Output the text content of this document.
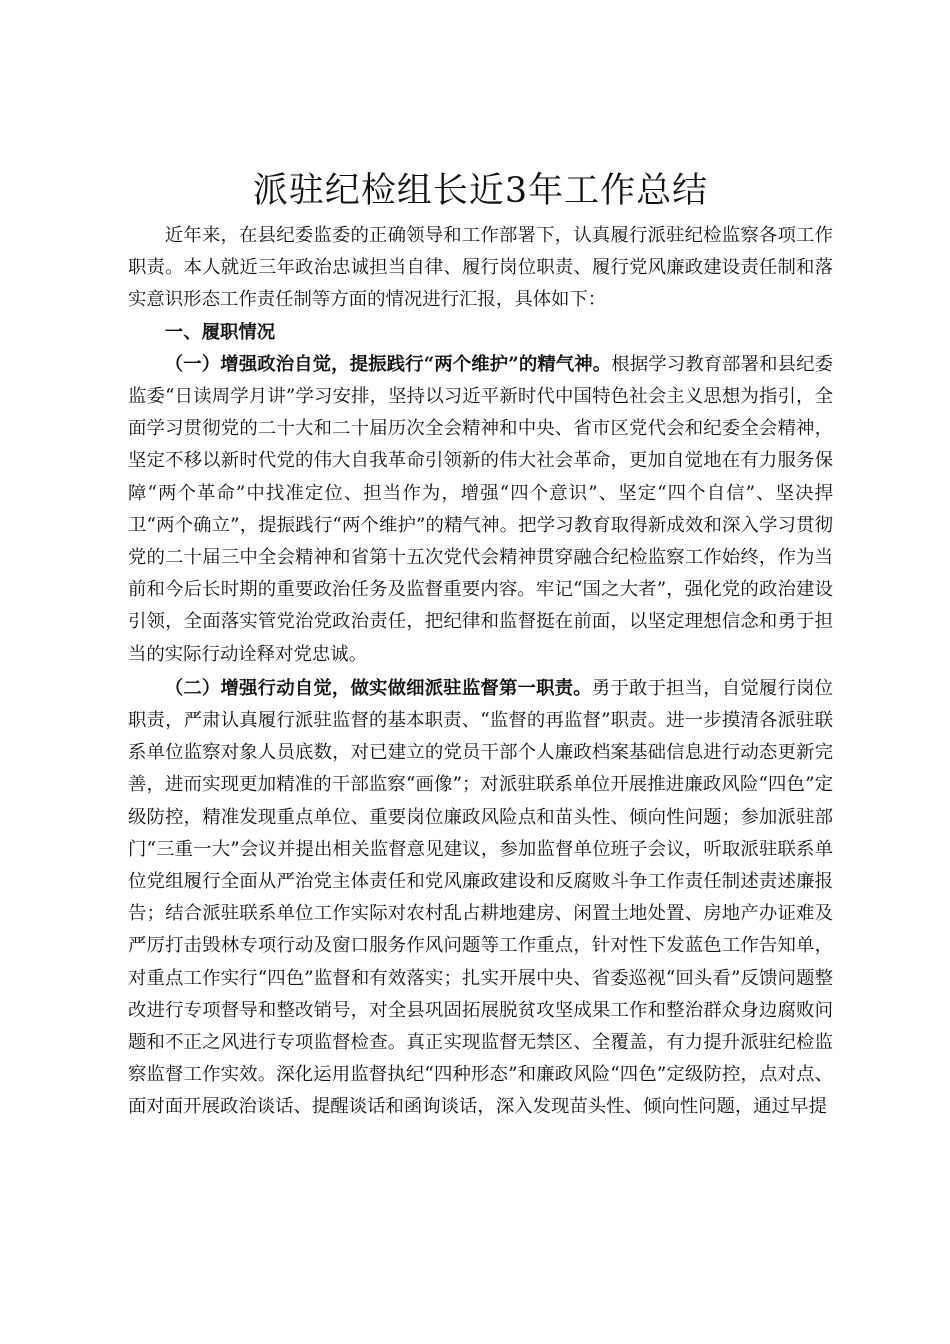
派驻纪检组长近3年工作总结

近年来，在县纪委监委的正确领导和工作部署下，认真履行派驻纪检监察各项工作职责。本人就近三年政治忠诚担当自律、履行岗位职责、履行党风廉政建设责任制和落实意识形态工作责任制等方面的情况进行汇报，具体如下：

一、履职情况

（一）增强政治自觉，提振践行“两个维护”的精气神。根据学习教育部署和县纪委监委“日读周学月讲”学习安排，坚持以习近平新时代中国特色社会主义思想为指引，全面学习贯彻党的二十大和二十届历次全会精神和中央、省市区党代会和纪委全会精神，坚定不移以新时代党的伟大自我革命引领新的伟大社会革命，更加自觉地在有力服务保障“两个革命”中找准定位、担当作为，增强“四个意识”、坚定“四个自信”、坚决捍卫“两个确立”，提振践行“两个维护”的精气神。把学习教育取得新成效和深入学习贯彻党的二十届三中全会精神和省第十五次党代会精神贯穿融合纪检监察工作始终，作为当前和今后长时期的重要政治任务及监督重要内容。牢记“国之大者”，强化党的政治建设引领，全面落实管党治党政治责任，把纪律和监督挺在前面，以坚定理想信念和勇于担当的实际行动诠释对党忠诚。

（二）增强行动自觉，做实做细派驻监督第一职责。勇于敢于担当，自觉履行岗位职责，严肃认真履行派驻监督的基本职责、“监督的再监督”职责。进一步摸清各派驻联系单位监察对象人员底数，对已建立的党员干部个人廉政档案基础信息进行动态更新完善，进而实现更加精准的干部监察“画像”；对派驻联系单位开展推进廉政风险“四色”定级防控，精准发现重点单位、重要岗位廉政风险点和苗头性、倾向性问题；参加派驻部门“三重一大”会议并提出相关监督意见建议，参加监督单位班子会议，听取派驻联系单位党组履行全面从严治党主体责任和党风廉政建设和反腐败斗争工作责任制述责述廉报告；结合派驻联系单位工作实际对农村乱占耕地建房、闲置土地处置、房地产办证难及严厉打击毁林专项行动及窗口服务作风问题等工作重点，针对性下发蓝色工作告知单，对重点工作实行“四色”监督和有效落实；扎实开展中央、省委巡视“回头看”反馈问题整改进行专项督导和整改销号，对全县巩固拓展脱贫攻坚成果工作和整治群众身边腐败问题和不正之风进行专项监督检查。真正实现监督无禁区、全覆盖，有力提升派驻纪检监察监督工作实效。深化运用监督执纪“四种形态”和廉政风险“四色”定级防控，点对点、面对面开展政治谈话、提醒谈话和函询谈话，深入发现苗头性、倾向性问题，通过早提
